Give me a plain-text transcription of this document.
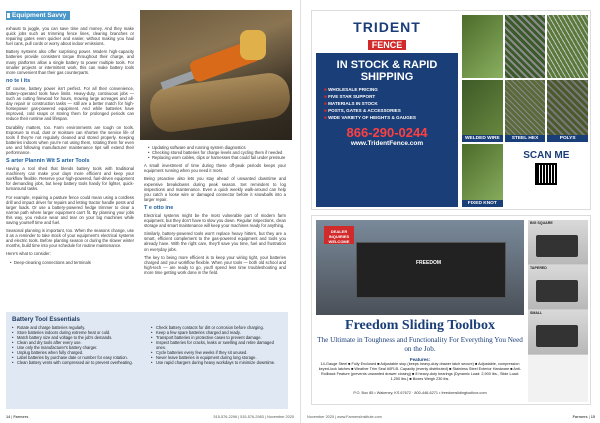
Equipment Savvy

exhaust to juggle, you can save time and money. And they make quick jobs such as trimming fence lines, clearing branches or repairing gates even quicker and easier, without making you haul fuel cans, pull cords or worry about indoor emissions.

Battery systems also offer surprising power. Modern high-capacity batteries provide consistent torque throughout their charge, and many platforms allow a single battery to power multiple tools. For smaller projects or intermittent work, this can make battery tools more convenient than their gas counterparts.

no te i its

Of course, battery power isn't perfect. For all their convenience, battery-operated tools have limits. Heavy-duty, continuous jobs — such as cutting firewood for hours, mowing large acreages and all-day repair or construction tasks — still are a better match for high-horsepower gas-powered equipment. And while batteries have improved, cold snaps or storing them for prolonged periods can reduce their runtime and lifespan.

Durability matters, too. Farm environments are tough on tools. Exposure to mud, dust or moisture can shorten the service life of tools if they're not regularly cleaned and stored properly. Keeping batteries indoors when you're not using them, rotating them for even use and following manufacturer maintenance tips will extend their performance.

S arter Plannin Wit S arter Tools

Having a tool shed that blends battery tools with traditional machinery can make your days more efficient and keep your workflow flexible. Reserve your high-powered, fuel-driven equipment for demanding jobs, but keep battery tools handy for lighter, quick-turnaround tasks.

For example, repairing a pasture fence could mean using a cordless drill and impact driver for repairs and letting tractor handle posts and larger loads. Or use a battery-powered hedge trimmer to clear a narrow path where larger equipment can't fit. By planning your jobs this way, you reduce wear and tear on your big machines while saving yourself time and fuel.

Seasonal planning is important, too. When the seasons change, use it as a reminder to take stock of your equipment's electrical systems and electric tools. Before planting season or during the slower winter months, build time into your schedule for routine maintenance.

Here's what to consider:

• Deep-cleaning connections and terminals
• Updating software and running system diagnostics
• Checking stored batteries for charge levels and cycling them if needed
• Replacing worn cables, clips or harnesses that could fail under pressure

A small investment of time during these off-peak periods keeps your equipment running when you need it most.

Being proactive also lets you stay ahead of unwanted downtime and expensive breakdowns during peak season. Set reminders to log inspections and maintenance. Even a quick weekly walk-around can help you catch a loose wire or damaged connector before it snowballs into a larger repair.

T e otto ine

Electrical systems might be the most vulnerable part of modern farm equipment, but they don't have to slow you down. Regular inspections, clean storage and smart maintenance will keep your machines ready for anything.

Similarly, battery-powered tools won't replace heavy hitters, but they are a smart, efficient complement to the gas-powered equipment and tools you already have. With the right care, they'll save you time, fuel and frustration on everyday jobs.

The key to being more efficient is to keep your wiring tight, your batteries charged and your workflow flexible. When your tools — both old school and high-tech — are ready to go, you'll spend less time troubleshooting and more time getting work done in the field.

Battery Tool Essentials
• Rotate and charge batteries regularly.
• Store batteries indoors during extreme heat or cold.
• Match battery size and voltage to the job's demands.
• Clean and dry tools after every use.
• Use only the manufacturer's battery charger.
• Unplug batteries when fully charged.
• Label batteries by purchase date or number for easy rotation.
• Clean battery vents with compressed air to prevent overheating.
• Check battery contacts for dirt or corrosion before charging.
• Keep a few spare batteries charged and ready.
• Transport batteries in protective cases to prevent damage.
• Inspect batteries for cracks, leaks or swelling and retire damaged ones.
• Cycle batteries every few weeks if they sit unused.
• Never leave batteries in equipment during long storage.
• Use rapid chargers during heavy workdays to minimize downtime.
14 | Farmers	515-576-2296 | 515-576-2983 | November 2025
TRIDENT
FENCE
IN STOCK & RAPID SHIPPING
■ WHOLESALE PRICING
■ FIVE STAR SUPPORT
■ MATERIALS IN STOCK
■ POSTS, GATES & ACCESSORIES
■ WIDE VARIETY OF HEIGHTS & GAUGES
866-290-0244
www.TridentFence.com
WELDED WIRE	STEEL HEX	POLYS
FIXED KNOT
SCAN ME
DEALER INQUIRIES WELCOME
FREEDOM
BIG SQUARE
TAPERED
SMALL
Freedom Sliding Toolbox
The Ultimate in Toughness and Functionality For Everything You Need on the Job.
Features:
14-Gauge Steel ■ Fully Enclosed ■ Adjustable stop (keeps heavy-duty drawer latch secure) ■ Adjustable, compression keyed-lock latches ■ Weather Trim Seal #0FLB. Capacity (evenly distributed) ■ Stainless Steel Exterior Hardware ■ Anti-Rollback Feature (prevents unwanted drawer closing) ■ 8 heavy-duty bearings (Dynamic Load: 2,900 lbs., Slide Load: 1,250 lbs.) ■ Boxes Weigh 230 lbs.
P.O. Box 85 • Wakeney, KS 67672 · 800-446-6271 • freedomslidingtoolbox.com
November 2025 | www.FarmersInstitute.com	Farmers | 15
